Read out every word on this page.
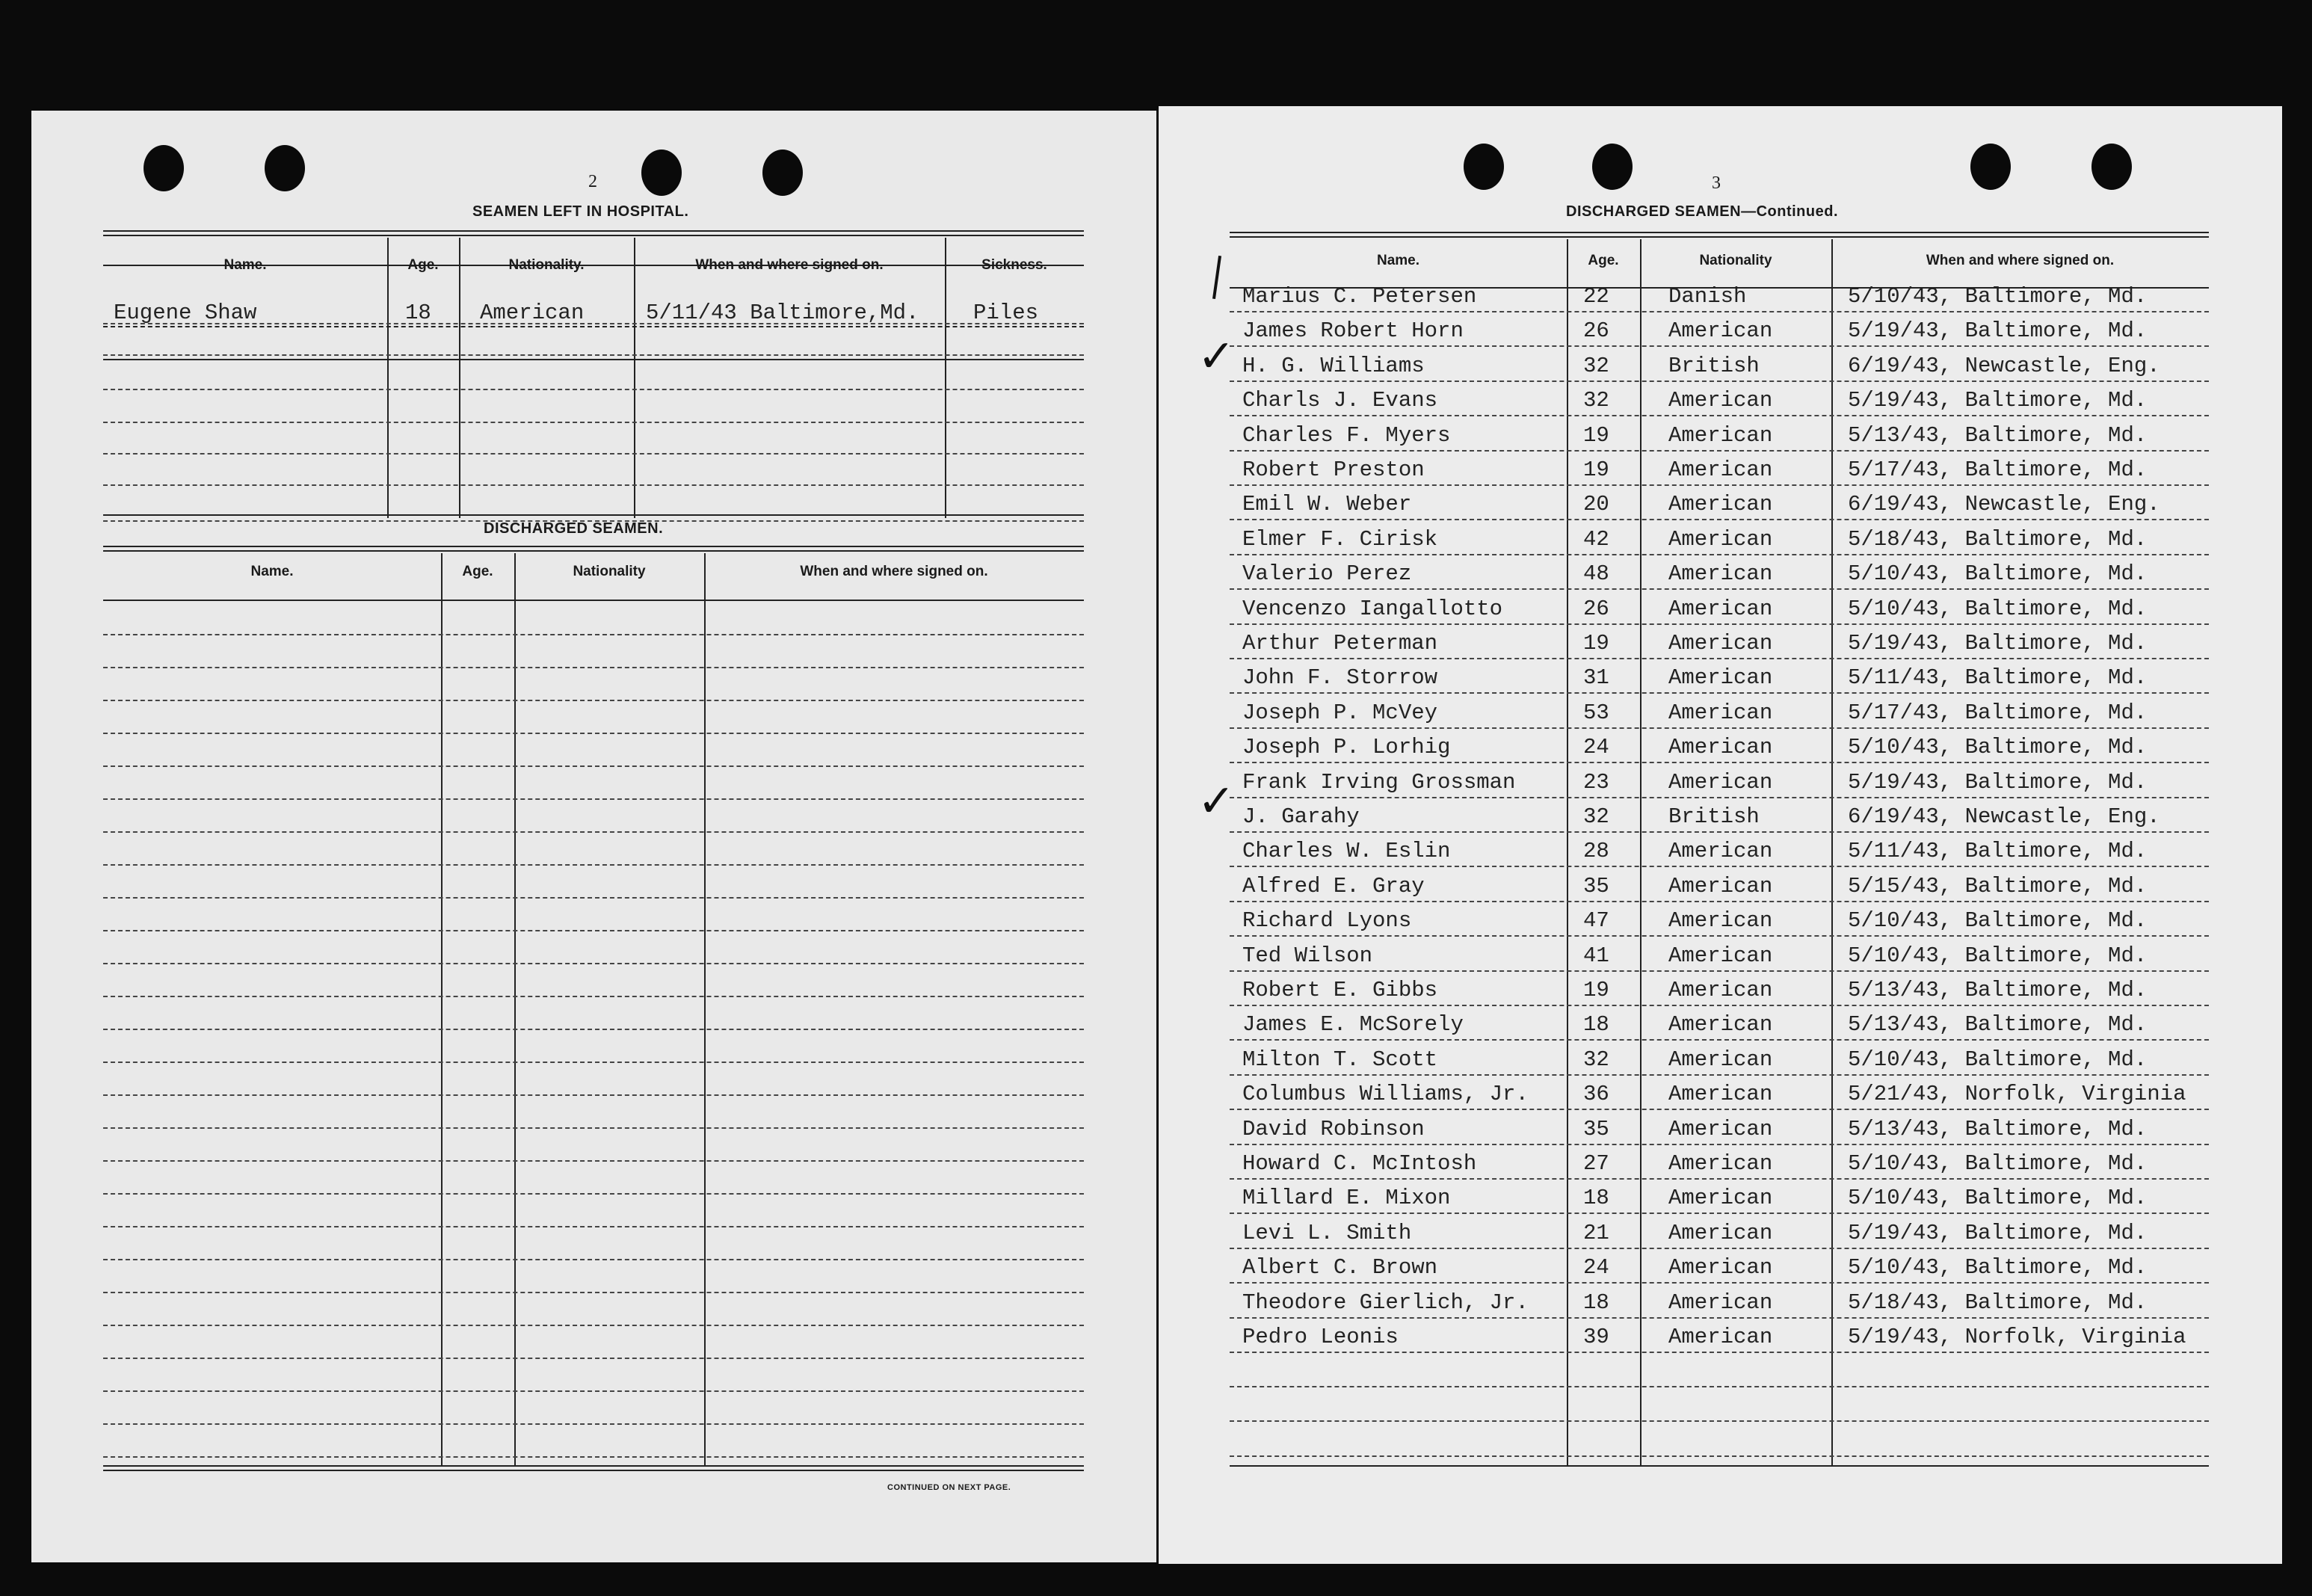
2
SEAMEN LEFT IN HOSPITAL.
Name.	Age.	Nationality.	When and where signed on.	Sickness.
Eugene Shaw	18 American	5/11/43 Baltimore,Md.	Piles
DISCHARGED SEAMEN.
Name.	Age.	Nationality	When and where signed on.
CONTINUED ON NEXT PAGE.
3
DISCHARGED SEAMEN—Continued.
Name.	Age.	Nationality	When and where signed on.
Marius C. Petersen	22	Danish	5/10/43, Baltimore, Md.
James Robert Horn	26	American	5/19/43, Baltimore, Md.
H. G. Williams	32	British	6/19/43, Newcastle, Eng.
Charls J. Evans	32	American	5/19/43, Baltimore, Md.
Charles F. Myers	19	American	5/13/43, Baltimore, Md.
Robert Preston	19	American	5/17/43, Baltimore, Md.
Emil W. Weber	20	American	6/19/43, Newcastle, Eng.
Elmer F. Cirisk	42	American	5/18/43, Baltimore, Md.
Valerio Perez	48	American	5/10/43, Baltimore, Md.
Vencenzo Iangallotto	26	American	5/10/43, Baltimore, Md.
Arthur Peterman	19	American	5/19/43, Baltimore, Md.
John F. Storrow	31	American	5/11/43, Baltimore, Md.
Joseph P. McVey	53	American	5/17/43, Baltimore, Md.
Joseph P. Lorhig	24	American	5/10/43, Baltimore, Md.
Frank Irving Grossman	23	American	5/19/43, Baltimore, Md.
J. Garahy	32	British	6/19/43, Newcastle, Eng.
Charles W. Eslin	28	American	5/11/43, Baltimore, Md.
Alfred E. Gray	35	American	5/15/43, Baltimore, Md.
Richard Lyons	47	American	5/10/43, Baltimore, Md.
Ted Wilson	41	American	5/10/43, Baltimore, Md.
Robert E. Gibbs	19	American	5/13/43, Baltimore, Md.
James E. McSorely	18	American	5/13/43, Baltimore, Md.
Milton T. Scott	32	American	5/10/43, Baltimore, Md.
Columbus Williams, Jr.	36	American	5/21/43, Norfolk, Virginia
David Robinson	35	American	5/13/43, Baltimore, Md.
Howard C. McIntosh	27	American	5/10/43, Baltimore, Md.
Millard E. Mixon	18	American	5/10/43, Baltimore, Md.
Levi L. Smith	21	American	5/19/43, Baltimore, Md.
Albert C. Brown	24	American	5/10/43, Baltimore, Md.
Theodore Gierlich, Jr.	18	American	5/18/43, Baltimore, Md.
Pedro Leonis	39	American	5/19/43, Norfolk, Virginia
✓
✓
